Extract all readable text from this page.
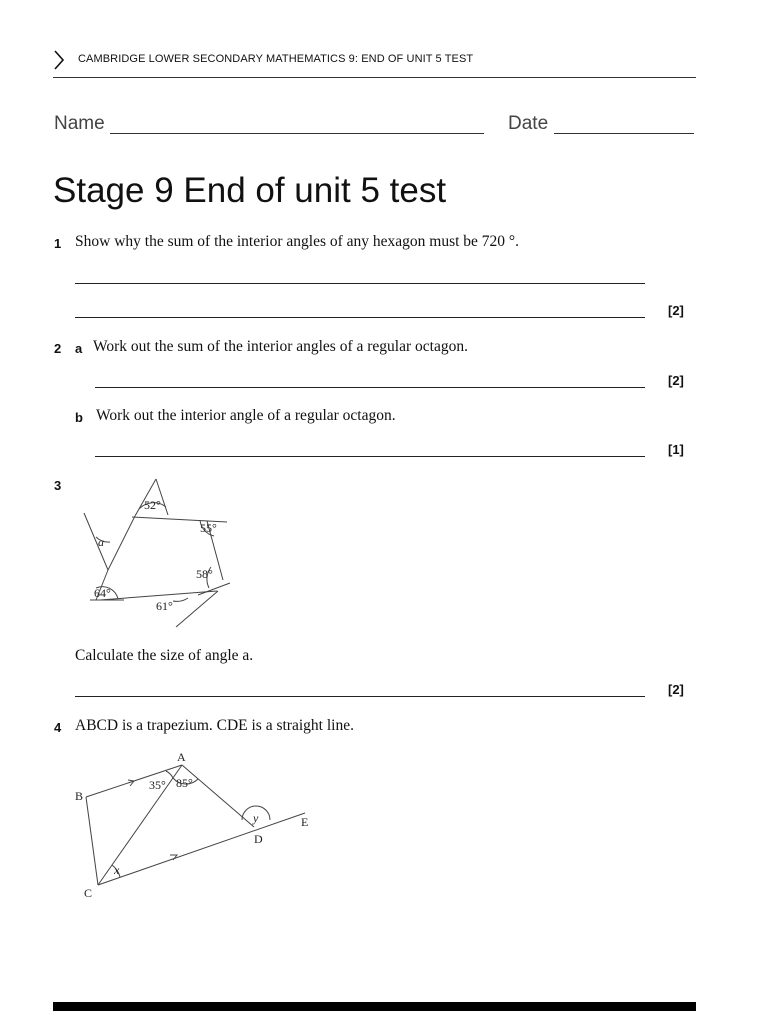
CAMBRIDGE LOWER SECONDARY MATHEMATICS 9: END OF UNIT 5 TEST
Name	Date
Stage 9 End of unit 5 test
1 Show why the sum of the interior angles of any hexagon must be 720 °.
[2]
2 a Work out the sum of the interior angles of a regular octagon.
[2]
b Work out the interior angle of a regular octagon.
[1]
3
52°
55°
58°
61°
64°
a
Calculate the size of angle a.
[2]
4 ABCD is a trapezium. CDE is a straight line.
A
B
C
D
E
35° 85°
x
y
